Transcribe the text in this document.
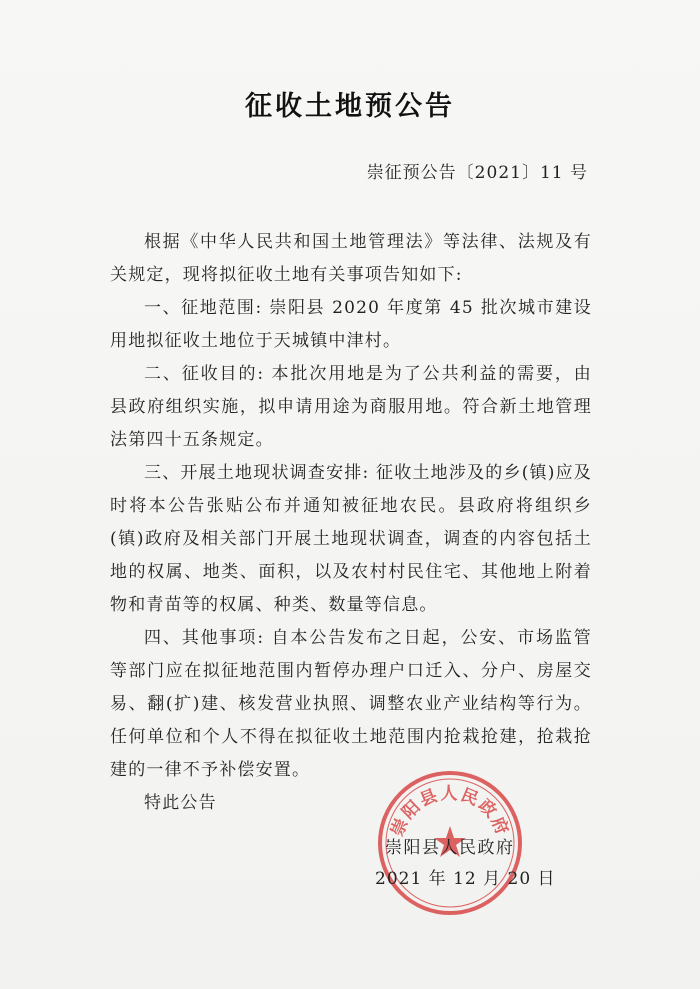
征收土地预公告
崇征预公告〔2021〕11 号

根据《中华人民共和国土地管理法》等法律、法规及有关规定，现将拟征收土地有关事项告知如下:

一、征地范围: 崇阳县 2020 年度第 45 批次城市建设用地拟征收土地位于天城镇中津村。

二、征收目的: 本批次用地是为了公共利益的需要，由县政府组织实施，拟申请用途为商服用地。符合新土地管理法第四十五条规定。

三、开展土地现状调查安排: 征收土地涉及的乡(镇)应及时将本公告张贴公布并通知被征地农民。县政府将组织乡(镇)政府及相关部门开展土地现状调查，调查的内容包括土地的权属、地类、面积，以及农村村民住宅、其他地上附着物和青苗等的权属、种类、数量等信息。

四、其他事项: 自本公告发布之日起，公安、市场监管等部门应在拟征地范围内暂停办理户口迁入、分户、房屋交易、翻(扩)建、核发营业执照、调整农业产业结构等行为。任何单位和个人不得在拟征收土地范围内抢栽抢建，抢栽抢建的一律不予补偿安置。

特此公告

崇阳县人民政府
崇阳县人民政府
2021 年 12 月 20 日
